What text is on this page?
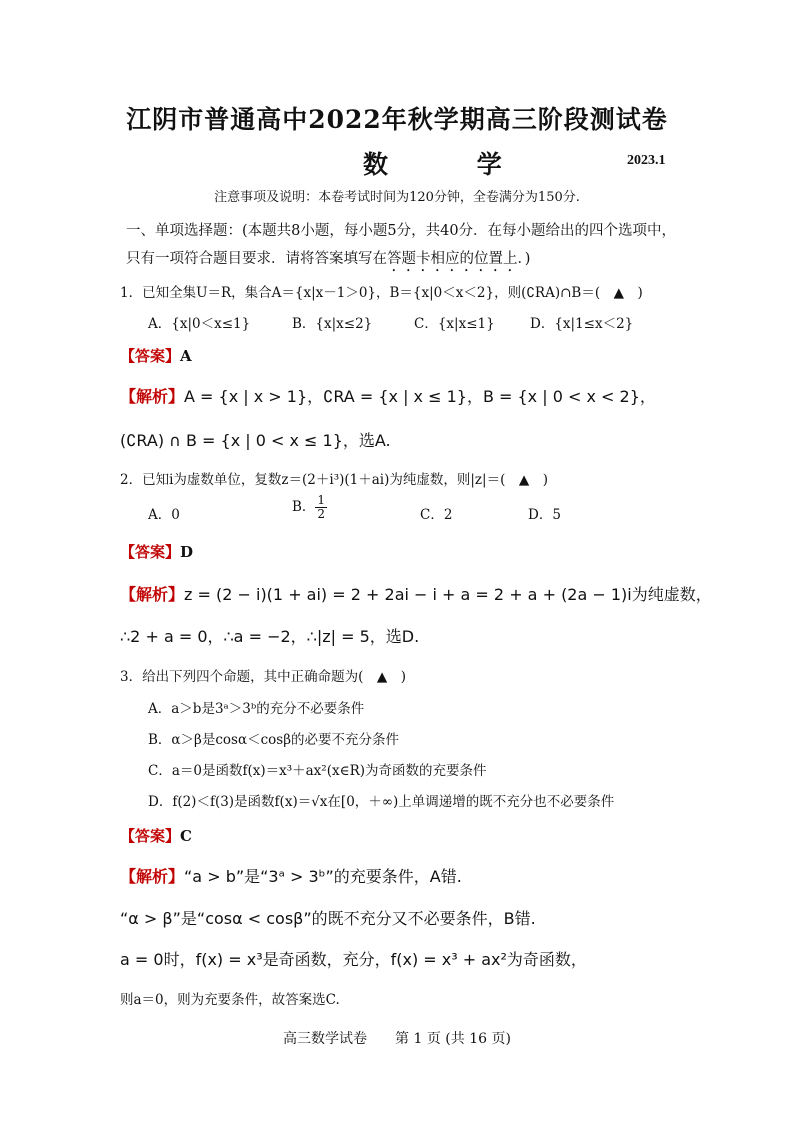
江阴市普通高中2022年秋学期高三阶段测试卷
数 学	2023.1
注意事项及说明：本卷考试时间为120分钟，全卷满分为150分.
一、单项选择题：(本题共8小题，每小题5分，共40分．在每小题给出的四个选项中，只有一项符合题目要求．请将答案填写在答题卡相应的位置上．)
1．已知全集U＝R，集合A＝{x|x－1＞0}，B＝{x|0＜x＜2}，则(∁RA)∩B＝(　▲　)
A．{x|0＜x≤1}	B．{x|x≤2}	C．{x|x≤1}	D．{x|1≤x＜2}
【答案】A
【解析】A = {x | x > 1}，∁RA = {x | x ≤ 1}，B = {x | 0 < x < 2}，
(∁RA) ∩ B = {x | 0 < x ≤ 1}，选A.
2．已知i为虚数单位，复数z＝(2＋i³)(1＋ai)为纯虚数，则|z|＝(　▲　)
A．0	B． $\frac{1}{2}$	C．2	D．5
【答案】D
【解析】z = (2 − i)(1 + ai) = 2 + 2ai − i + a = 2 + a + (2a − 1)i为纯虚数，
∴2 + a = 0，∴a = −2，∴|z| = 5，选D.
3．给出下列四个命题，其中正确命题为(　▲　)
A．a＞b是3ᵃ＞3ᵇ的充分不必要条件
B．α＞β是cosα＜cosβ的必要不充分条件
C．a＝0是函数f(x)＝x³＋ax²(x∈R)为奇函数的充要条件
D．f(2)＜f(3)是函数f(x)＝√x在[0，＋∞)上单调递增的既不充分也不必要条件
【答案】C
【解析】“a > b”是“3ᵃ > 3ᵇ”的充要条件，A错.
“α > β”是“cosα < cosβ”的既不充分又不必要条件，B错.
a = 0时，f(x) = x³是奇函数，充分，f(x) = x³ + ax²为奇函数，
则a＝0，则为充要条件，故答案选C.
高三数学试卷　　第 1 页 (共 16 页)
